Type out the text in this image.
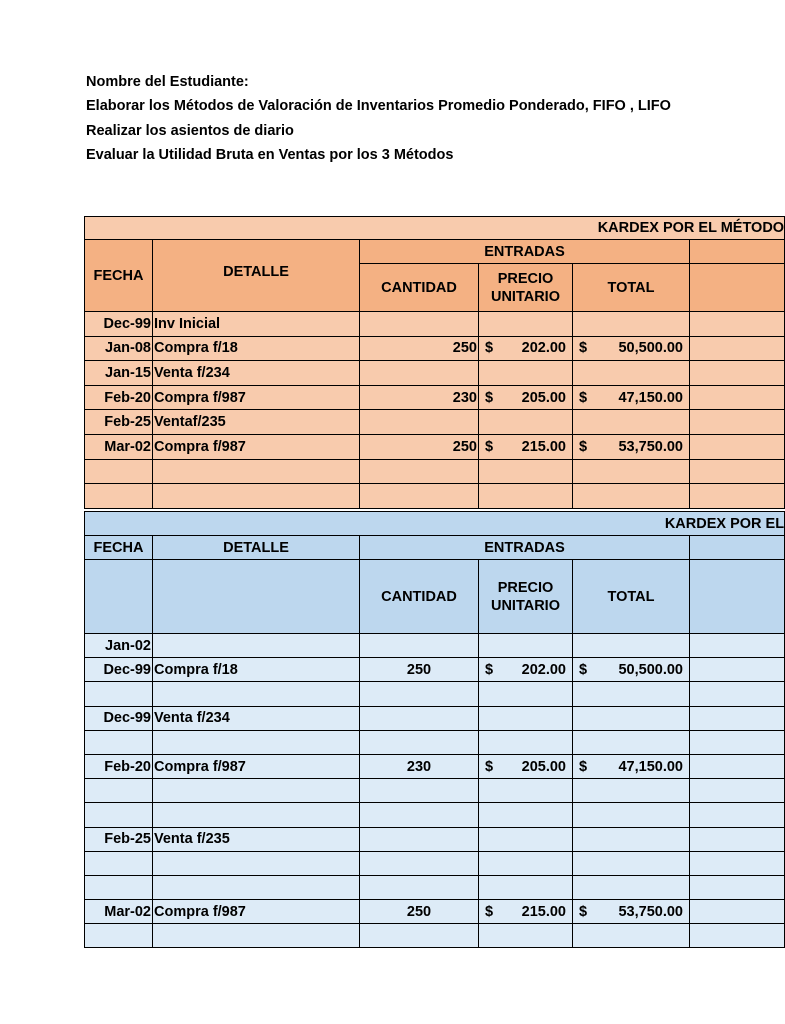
Nombre del Estudiante:
Elaborar los Métodos de Valoración de Inventarios Promedio Ponderado, FIFO , LIFO
Realizar los asientos de diario
Evaluar la Utilidad Bruta en Ventas por los 3 Métodos
KARDEX POR EL MÉTODO					
FECHA	DETALLE	ENTRADAS			
		CANTIDAD	PRECIO UNITARIO	TOTAL	
Dec-99	Inv Inicial				
Jan-08	Compra f/18	250	$ 202.00	$ 50,500.00	

Jan-15	Venta f/234				
Feb-20	Compra f/987	230	$ 205.00	$ 47,150.00	

Feb-25	Ventaf/235				
Mar-02	Compra f/987	250	$ 215.00	$ 53,750.00	

KARDEX POR EL					
FECHA	DETALLE	ENTRADAS			
		CANTIDAD	PRECIO UNITARIO	TOTAL	
Jan-02					
Dec-99	Compra f/18	250	$ 202.00	$ 50,500.00	

Dec-99	Venta f/234				

Feb-20	Compra f/987	230	$ 205.00	$ 47,150.00	

Feb-25	Venta f/235				

Mar-02	Compra f/987	250	$ 215.00	$ 53,750.00	
